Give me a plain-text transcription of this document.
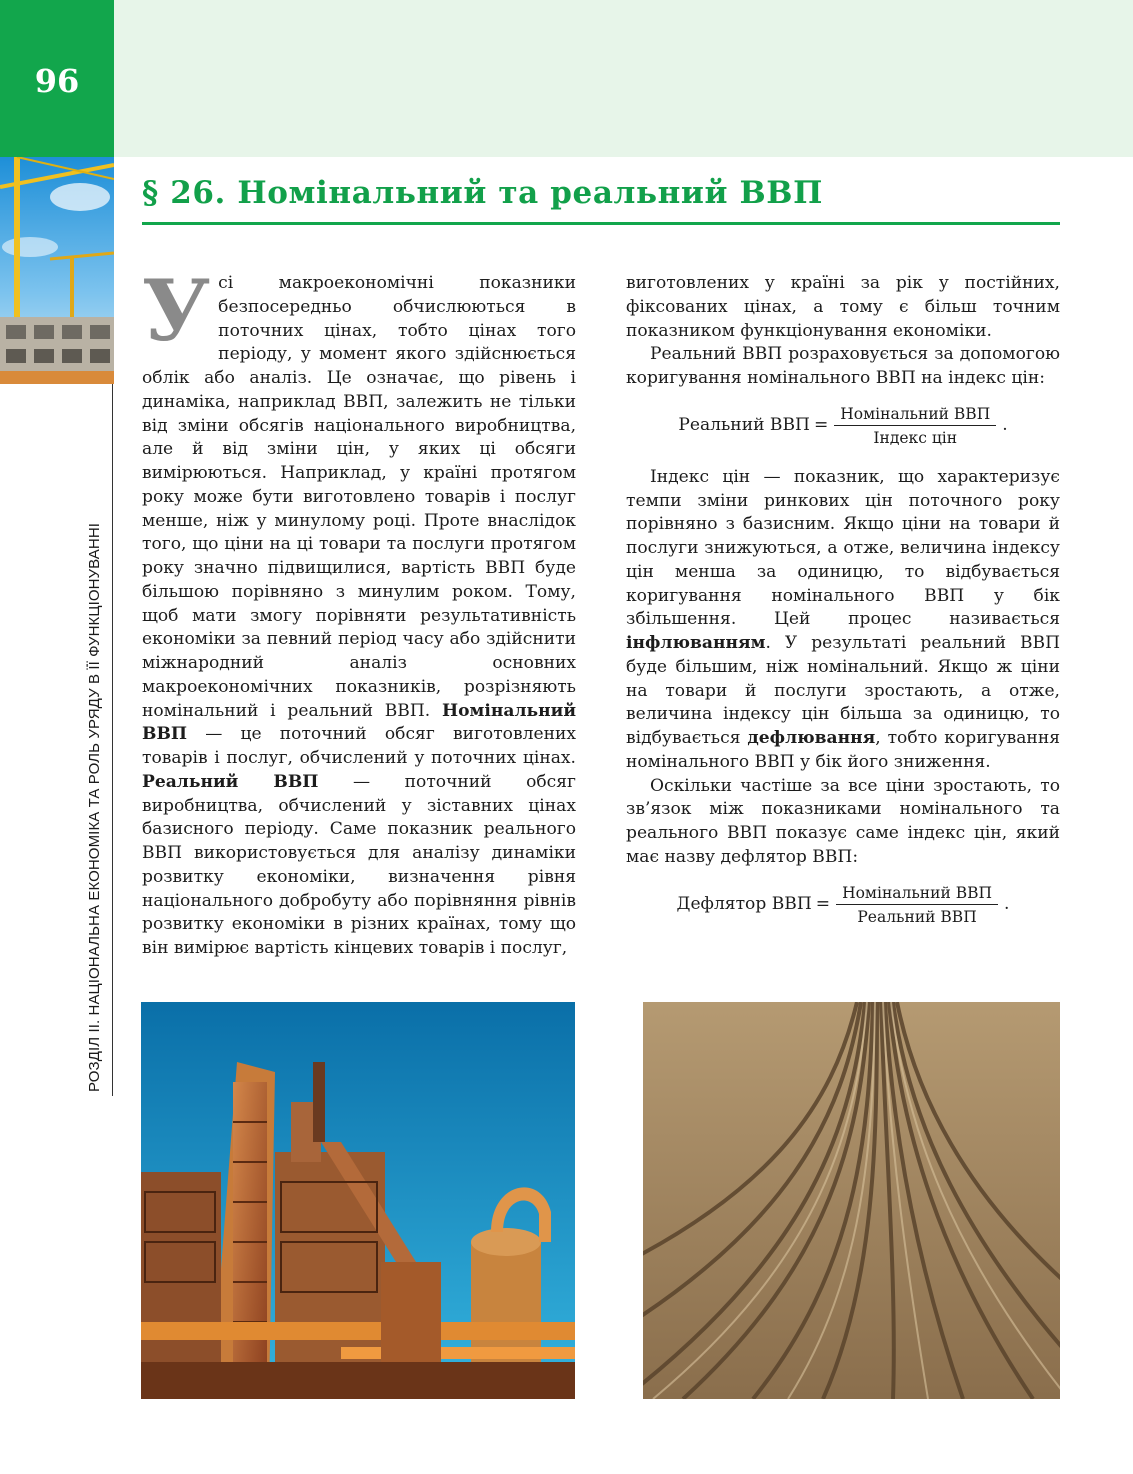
96
РОЗДІЛ ІІ. НАЦІОНАЛЬНА ЕКОНОМІКА ТА РОЛЬ УРЯДУ В ЇЇ ФУНКЦІОНУВАННІ
§ 26. Номінальний та реальний ВВП

Усі макроекономічні показники безпосередньо обчислюються в поточних цінах, тобто цінах того періоду, у момент якого здійснюється облік або аналіз. Це означає, що рівень і динаміка, наприклад ВВП, залежить не тільки від зміни обсягів національного виробництва, але й від зміни цін, у яких ці обсяги вимірюються. Наприклад, у країні протягом року може бути виготовлено товарів і послуг менше, ніж у минулому році. Проте внаслідок того, що ціни на ці товари та послуги протягом року значно підвищилися, вартість ВВП буде більшою порівняно з минулим роком. Тому, щоб мати змогу порівняти результативність економіки за певний період часу або здійснити міжнародний аналіз основних макроекономічних показників, розрізняють номінальний і реальний ВВП. Номінальний ВВП — це поточний обсяг виготовлених товарів і послуг, обчислений у поточних цінах. Реальний ВВП — поточний обсяг виробництва, обчислений у зіставних цінах базисного періоду. Саме показник реального ВВП використовується для аналізу динаміки розвитку економіки, визначення рівня національного добробуту або порівняння рівнів розвитку економіки в різних країнах, тому що він вимірює вартість кінцевих товарів і послуг,

виготовлених у країні за рік у постійних, фіксованих цінах, а тому є більш точним показником функціонування економіки.

Реальний ВВП розраховується за допомогою коригування номінального ВВП на індекс цін:

Реальний ВВП = $\frac{\text{Номінальний ВВП}}{\text{Індекс цін}}$ .

Індекс цін — показник, що характеризує темпи зміни ринкових цін поточного року порівняно з базисним. Якщо ціни на товари й послуги знижуються, а отже, величина індексу цін менша за одиницю, то відбувається коригування номінального ВВП у бік збільшення. Цей процес називається інфлюванням. У результаті реальний ВВП буде більшим, ніж номінальний. Якщо ж ціни на товари й послуги зростають, а отже, величина індексу цін більша за одиницю, то відбувається дефлювання, тобто коригування номінального ВВП у бік його зниження.

Оскільки частіше за все ціни зростають, то зв’язок між показниками номінального та реального ВВП показує саме індекс цін, який має назву дефлятор ВВП:

Дефлятор ВВП = $\frac{\text{Номінальний ВВП}}{\text{Реальний ВВП}}$ .
